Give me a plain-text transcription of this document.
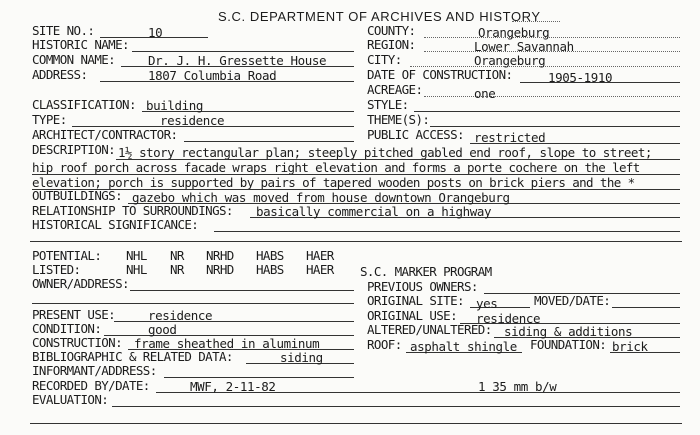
S.C. DEPARTMENT OF ARCHIVES AND HISTORY
SITE NO.:	10
HISTORIC NAME:
COMMON NAME:	Dr. J. H. Gressette House
ADDRESS:	1807 Columbia Road
COUNTY:	Orangeburg
REGION:	Lower Savannah
CITY:	Orangeburg
DATE OF CONSTRUCTION:	1905-1910
ACREAGE:	one
CLASSIFICATION: building
TYPE:	residence
ARCHITECT/CONTRACTOR:
STYLE:
THEME(S):
PUBLIC ACCESS: restricted
DESCRIPTION: 1½ story rectangular plan; steeply pitched gabled end roof, slope to street;
hip roof porch across facade wraps right elevation and forms a porte cochere on the left
elevation; porch is supported by pairs of tapered wooden posts on brick piers and the *
OUTBUILDINGS: gazebo which was moved from house downtown Orangeburg
RELATIONSHIP TO SURROUNDINGS: basically commercial on a highway
HISTORICAL SIGNIFICANCE:
POTENTIAL: NHL NR NRHD HABS HAER
LISTED:	NHL NR NRHD HABS HAER S.C. MARKER PROGRAM
OWNER/ADDRESS:	PREVIOUS OWNERS:
ORIGINAL SITE: yes	MOVED/DATE:
PRESENT USE:	residence	ORIGINAL USE: residence
CONDITION:	good	ALTERED/UNALTERED: siding & additions
CONSTRUCTION: frame sheathed in aluminum	ROOF: asphalt shingle FOUNDATION: brick
BIBLIOGRAPHIC & RELATED DATA:	siding
INFORMANT/ADDRESS:
RECORDED BY/DATE:	MWF, 2-11-82	1 35 mm b/w
EVALUATION:
